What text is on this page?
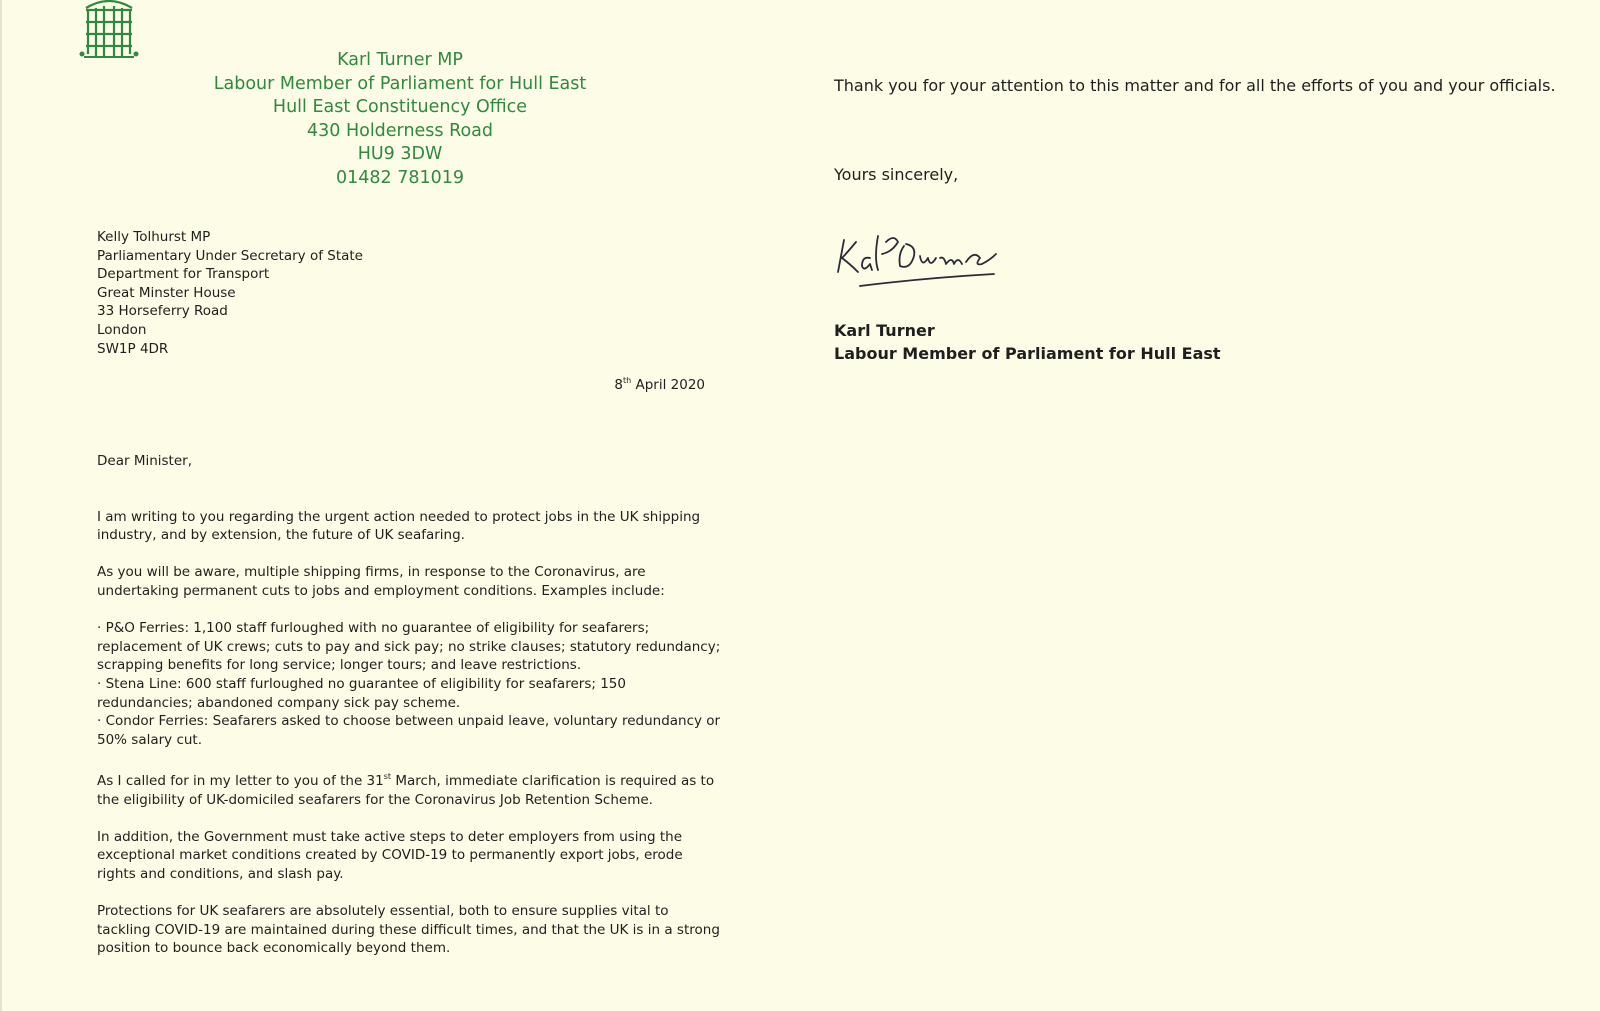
Karl Turner MP
Labour Member of Parliament for Hull East
Hull East Constituency Office
430 Holderness Road
HU9 3DW
01482 781019
Kelly Tolhurst MP
Parliamentary Under Secretary of State
Department for Transport
Great Minster House
33 Horseferry Road
London
SW1P 4DR
8th April 2020

Dear Minister,

I am writing to you regarding the urgent action needed to protect jobs in the UK shipping industry, and by extension, the future of UK seafaring.

As you will be aware, multiple shipping firms, in response to the Coronavirus, are undertaking permanent cuts to jobs and employment conditions. Examples include:

· P&O Ferries: 1,100 staff furloughed with no guarantee of eligibility for seafarers; replacement of UK crews; cuts to pay and sick pay; no strike clauses; statutory redundancy; scrapping benefits for long service; longer tours; and leave restrictions.
· Stena Line: 600 staff furloughed no guarantee of eligibility for seafarers; 150 redundancies; abandoned company sick pay scheme.
· Condor Ferries: Seafarers asked to choose between unpaid leave, voluntary redundancy or 50% salary cut.

As I called for in my letter to you of the 31st March, immediate clarification is required as to the eligibility of UK-domiciled seafarers for the Coronavirus Job Retention Scheme.

In addition, the Government must take active steps to deter employers from using the exceptional market conditions created by COVID-19 to permanently export jobs, erode rights and conditions, and slash pay.

Protections for UK seafarers are absolutely essential, both to ensure supplies vital to tackling COVID-19 are maintained during these difficult times, and that the UK is in a strong position to bounce back economically beyond them.

Thank you for your attention to this matter and for all the efforts of you and your officials.
Yours sincerely,
Karl Turner
Labour Member of Parliament for Hull East
